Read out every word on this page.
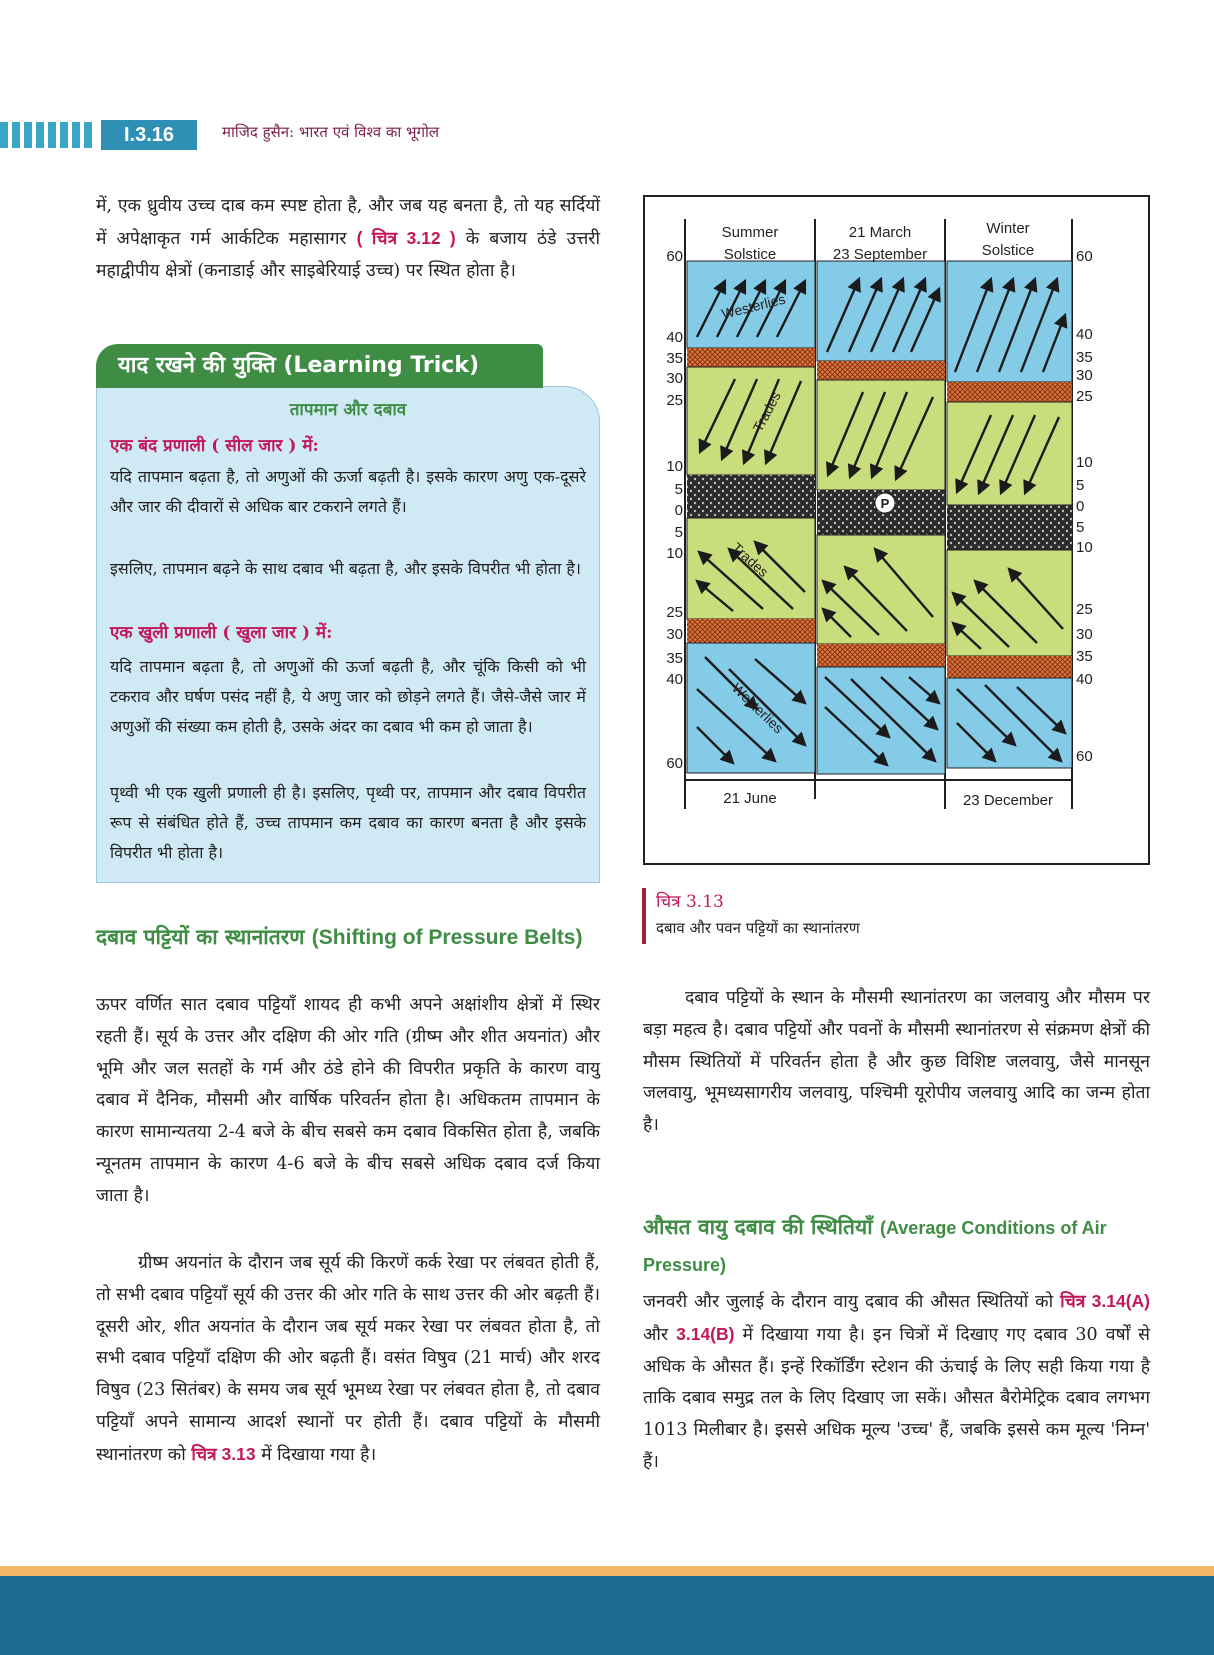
I.3.16	माजिद हुसैन: भारत एवं विश्व का भूगोल

में, एक ध्रुवीय उच्च दाब कम स्पष्ट होता है, और जब यह बनता है, तो यह सर्दियों में अपेक्षाकृत गर्म आर्कटिक महासागर ( चित्र 3.12 ) के बजाय ठंडे उत्तरी महाद्वीपीय क्षेत्रों (कनाडाई और साइबेरियाई उच्च) पर स्थित होता है।

याद रखने की युक्ति (Learning Trick)
तापमान और दबाव
एक बंद प्रणाली ( सील जार ) में:

यदि तापमान बढ़ता है, तो अणुओं की ऊर्जा बढ़ती है। इसके कारण अणु एक-दूसरे और जार की दीवारों से अधिक बार टकराने लगते हैं।

इसलिए, तापमान बढ़ने के साथ दबाव भी बढ़ता है, और इसके विपरीत भी होता है।

एक खुली प्रणाली ( खुला जार ) में:

यदि तापमान बढ़ता है, तो अणुओं की ऊर्जा बढ़ती है, और चूंकि किसी को भी टकराव और घर्षण पसंद नहीं है, ये अणु जार को छोड़ने लगते हैं। जैसे-जैसे जार में अणुओं की संख्या कम होती है, उसके अंदर का दबाव भी कम हो जाता है।

पृथ्वी भी एक खुली प्रणाली ही है। इसलिए, पृथ्वी पर, तापमान और दबाव विपरीत रूप से संबंधित होते हैं, उच्च तापमान कम दबाव का कारण बनता है और इसके विपरीत भी होता है।

दबाव पट्टियों का स्थानांतरण (Shifting of Pressure Belts)

ऊपर वर्णित सात दबाव पट्टियाँ शायद ही कभी अपने अक्षांशीय क्षेत्रों में स्थिर रहती हैं। सूर्य के उत्तर और दक्षिण की ओर गति (ग्रीष्म और शीत अयनांत) और भूमि और जल सतहों के गर्म और ठंडे होने की विपरीत प्रकृति के कारण वायु दबाव में दैनिक, मौसमी और वार्षिक परिवर्तन होता है। अधिकतम तापमान के कारण सामान्यतया 2-4 बजे के बीच सबसे कम दबाव विकसित होता है, जबकि न्यूनतम तापमान के कारण 4-6 बजे के बीच सबसे अधिक दबाव दर्ज किया जाता है।

ग्रीष्म अयनांत के दौरान जब सूर्य की किरणें कर्क रेखा पर लंबवत होती हैं, तो सभी दबाव पट्टियाँ सूर्य की उत्तर की ओर गति के साथ उत्तर की ओर बढ़ती हैं। दूसरी ओर, शीत अयनांत के दौरान जब सूर्य मकर रेखा पर लंबवत होता है, तो सभी दबाव पट्टियाँ दक्षिण की ओर बढ़ती हैं। वसंत विषुव (21 मार्च) और शरद विषुव (23 सितंबर) के समय जब सूर्य भूमध्य रेखा पर लंबवत होता है, तो दबाव पट्टियाँ अपने सामान्य आदर्श स्थानों पर होती हैं। दबाव पट्टियों के मौसमी स्थानांतरण को चित्र 3.13 में दिखाया गया है।

P
Westerlies
Trades
Trades
Westerlies
Summer
Solstice
21 March
23 September
Winter
Solstice
21 June	23 December
60
40
35
30
25
10
5
0
5
10
25
30
35
40
60
60
40
35
30
25
10
5
0
5
10
25
30
35
40
60
चित्र 3.13
दबाव और पवन पट्टियों का स्थानांतरण

दबाव पट्टियों के स्थान के मौसमी स्थानांतरण का जलवायु और मौसम पर बड़ा महत्व है। दबाव पट्टियों और पवनों के मौसमी स्थानांतरण से संक्रमण क्षेत्रों की मौसम स्थितियों में परिवर्तन होता है और कुछ विशिष्ट जलवायु, जैसे मानसून जलवायु, भूमध्यसागरीय जलवायु, पश्चिमी यूरोपीय जलवायु आदि का जन्म होता है।

औसत वायु दबाव की स्थितियाँ (Average Conditions of Air Pressure)

जनवरी और जुलाई के दौरान वायु दबाव की औसत स्थितियों को चित्र 3.14(A) और 3.14(B) में दिखाया गया है। इन चित्रों में दिखाए गए दबाव 30 वर्षों से अधिक के औसत हैं। इन्हें रिकॉर्डिंग स्टेशन की ऊंचाई के लिए सही किया गया है ताकि दबाव समुद्र तल के लिए दिखाए जा सकें। औसत बैरोमेट्रिक दबाव लगभग 1013 मिलीबार है। इससे अधिक मूल्य 'उच्च' हैं, जबकि इससे कम मूल्य 'निम्न' हैं।
